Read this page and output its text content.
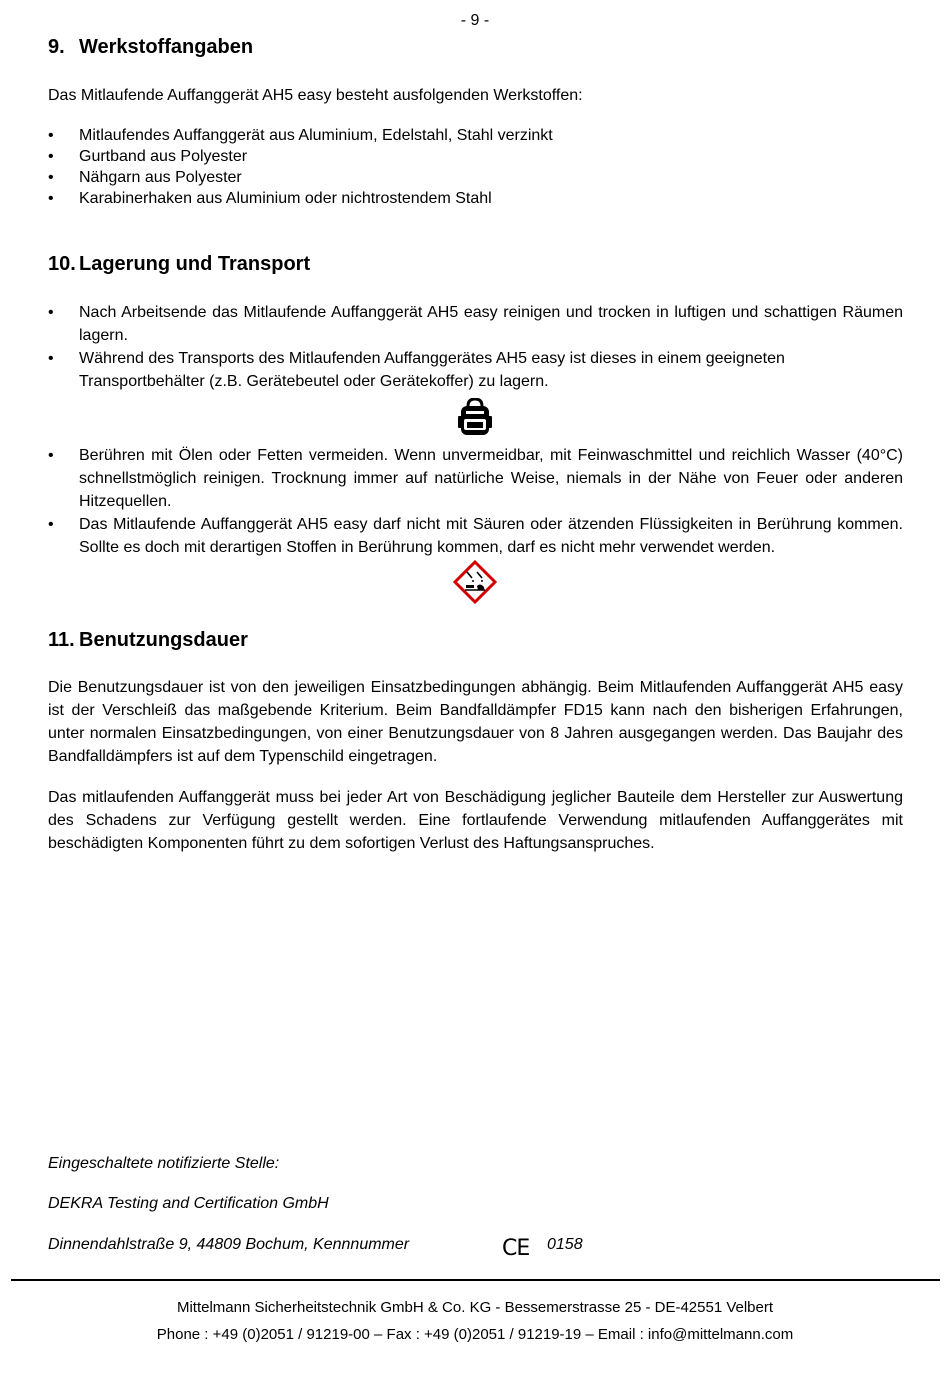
- 9 -
9. Werkstoffangaben
Das Mitlaufende Auffanggerät AH5 easy besteht ausfolgenden Werkstoffen:
• Mitlaufendes Auffanggerät aus Aluminium, Edelstahl, Stahl verzinkt
• Gurtband aus Polyester
• Nähgarn aus Polyester
• Karabinerhaken aus Aluminium oder nichtrostendem Stahl
10. Lagerung und Transport
• Nach Arbeitsende das Mitlaufende Auffanggerät AH5 easy reinigen und trocken in luftigen und schattigen Räumen lagern.
• Während des Transports des Mitlaufenden Auffanggerätes AH5 easy ist dieses in einem geeigneten Transportbehälter (z.B. Gerätebeutel oder Gerätekoffer) zu lagern.
• Berühren mit Ölen oder Fetten vermeiden. Wenn unvermeidbar, mit Feinwaschmittel und reichlich Wasser (40°C) schnellstmöglich reinigen. Trocknung immer auf natürliche Weise, niemals in der Nähe von Feuer oder anderen Hitzequellen.
• Das Mitlaufende Auffanggerät AH5 easy darf nicht mit Säuren oder ätzenden Flüssigkeiten in Berührung kommen. Sollte es doch mit derartigen Stoffen in Berührung kommen, darf es nicht mehr verwendet werden.
11. Benutzungsdauer
Die Benutzungsdauer ist von den jeweiligen Einsatzbedingungen abhängig. Beim Mitlaufenden Auffanggerät AH5 easy ist der Verschleiß das maßgebende Kriterium. Beim Bandfalldämpfer FD15 kann nach den bisherigen Erfahrungen, unter normalen Einsatzbedingungen, von einer Benutzungsdauer von 8 Jahren ausgegangen werden. Das Baujahr des Bandfalldämpfers ist auf dem Typenschild eingetragen.
Das mitlaufenden Auffanggerät muss bei jeder Art von Beschädigung jeglicher Bauteile dem Hersteller zur Auswertung des Schadens zur Verfügung gestellt werden. Eine fortlaufende Verwendung mitlaufenden Auffanggerätes mit beschädigten Komponenten führt zu dem sofortigen Verlust des Haftungsanspruches.
Eingeschaltete notifizierte Stelle:
DEKRA Testing and Certification GmbH
Dinnendahlstraße 9, 44809 Bochum, Kennnummer	CE 0158
Mittelmann Sicherheitstechnik GmbH & Co. KG - Bessemerstrasse 25 - DE-42551 Velbert
Phone : +49 (0)2051 / 91219-00 – Fax : +49 (0)2051 / 91219-19 – Email : info@mittelmann.com
